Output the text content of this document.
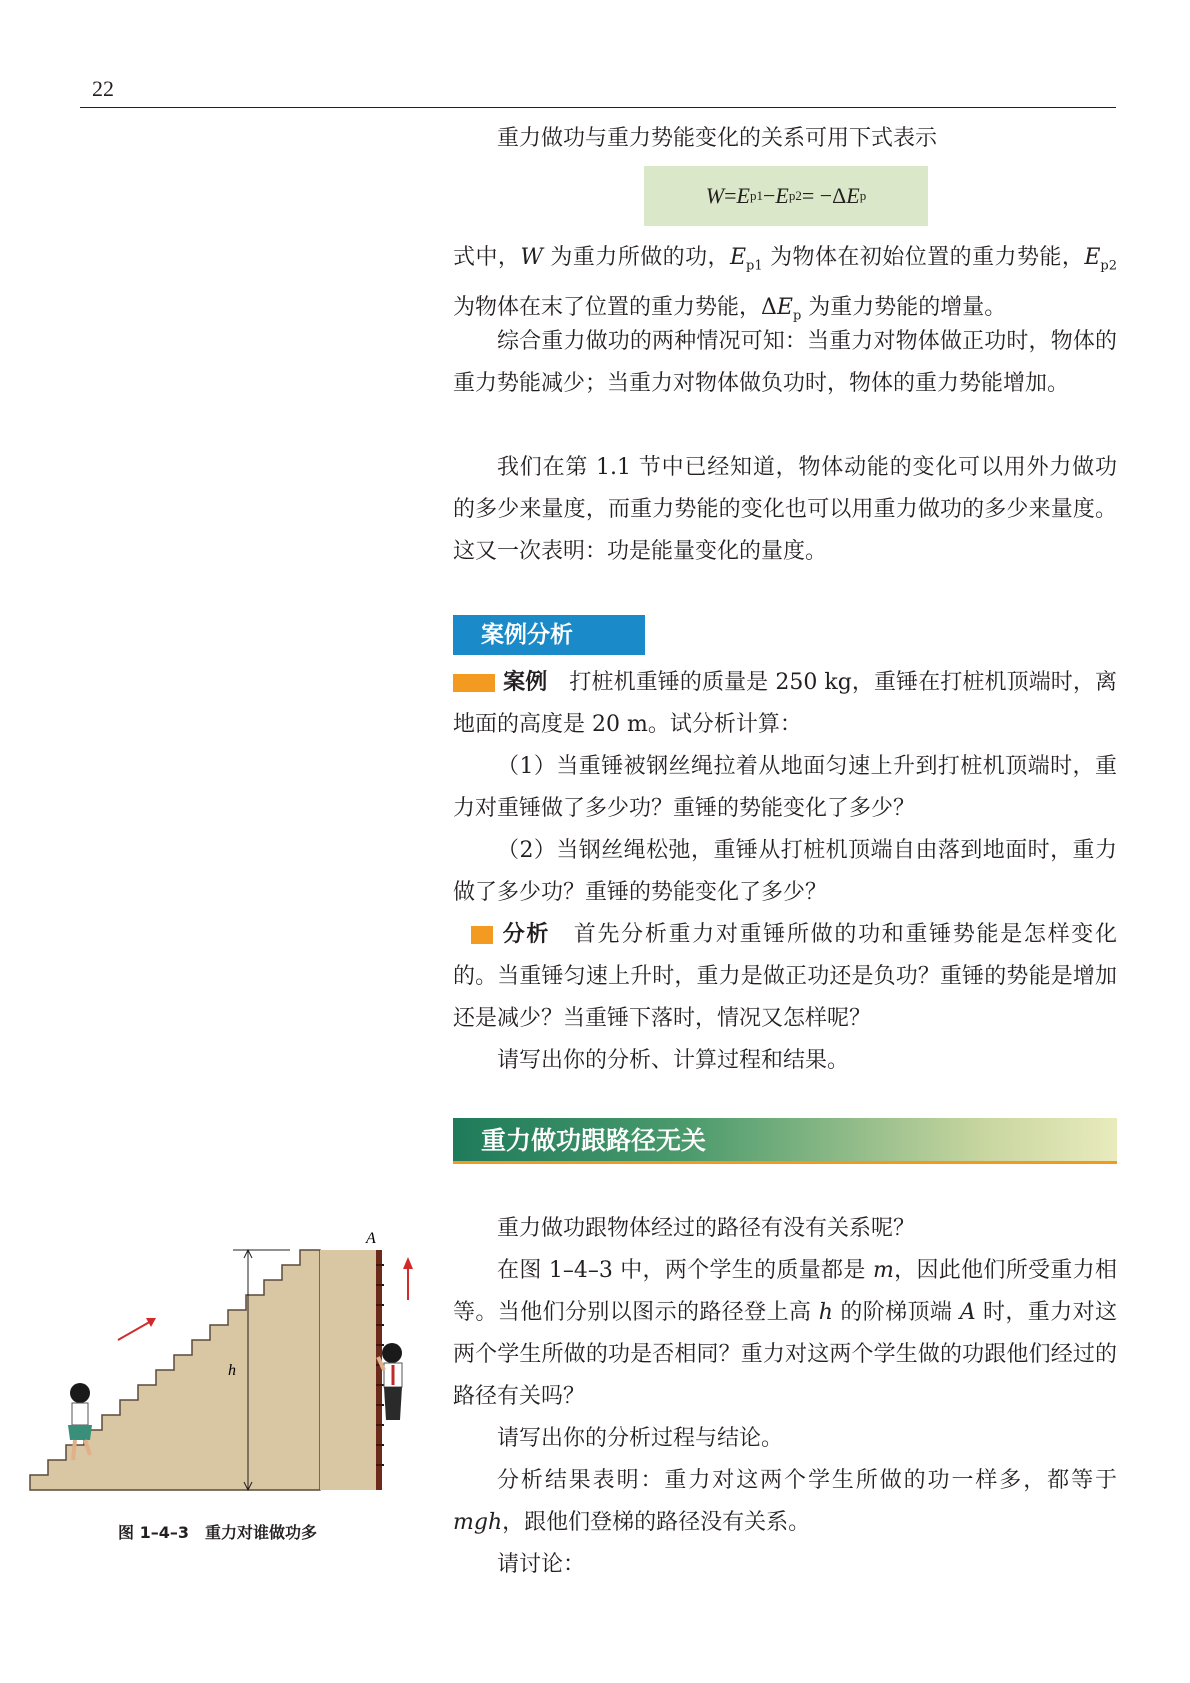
22

重力做功与重力势能变化的关系可用下式表示

W = E p1 − E p2 = −Δ E p

式中，W 为重力所做的功，$E_{p1}$ 为物体在初始位置的重力势能，$E_{p2}$ 为物体在末了位置的重力势能，$\Delta E_p$ 为重力势能的增量。

综合重力做功的两种情况可知：当重力对物体做正功时，物体的重力势能减少；当重力对物体做负功时，物体的重力势能增加。

我们在第 1.1 节中已经知道，物体动能的变化可以用外力做功的多少来量度，而重力势能的变化也可以用重力做功的多少来量度。这又一次表明：功是能量变化的量度。

案例分析

案例　 打桩机重锤的质量是 250 kg，重锤在打桩机顶端时，离地面的高度是 20 m。试分析计算：

（1）当重锤被钢丝绳拉着从地面匀速上升到打桩机顶端时，重力对重锤做了多少功？重锤的势能变化了多少？

（2）当钢丝绳松弛，重锤从打桩机顶端自由落到地面时，重力做了多少功？重锤的势能变化了多少？

分析　 首先分析重力对重锤所做的功和重锤势能是怎样变化的。当重锤匀速上升时，重力是做正功还是负功？重锤的势能是增加还是减少？当重锤下落时，情况又怎样呢？

请写出你的分析、计算过程和结果。

重力做功跟路径无关

重力做功跟物体经过的路径有没有关系呢？

在图 1–4–3 中，两个学生的质量都是 m，因此他们所受重力相等。当他们分别以图示的路径登上高 h 的阶梯顶端 A 时，重力对这两个学生所做的功是否相同？重力对这两个学生做的功跟他们经过的路径有关吗？

请写出你的分析过程与结论。

分析结果表明：重力对这两个学生所做的功一样多，都等于 mgh，跟他们登梯的路径没有关系。

请讨论：

A
h
图 1–4–3　重力对谁做功多
